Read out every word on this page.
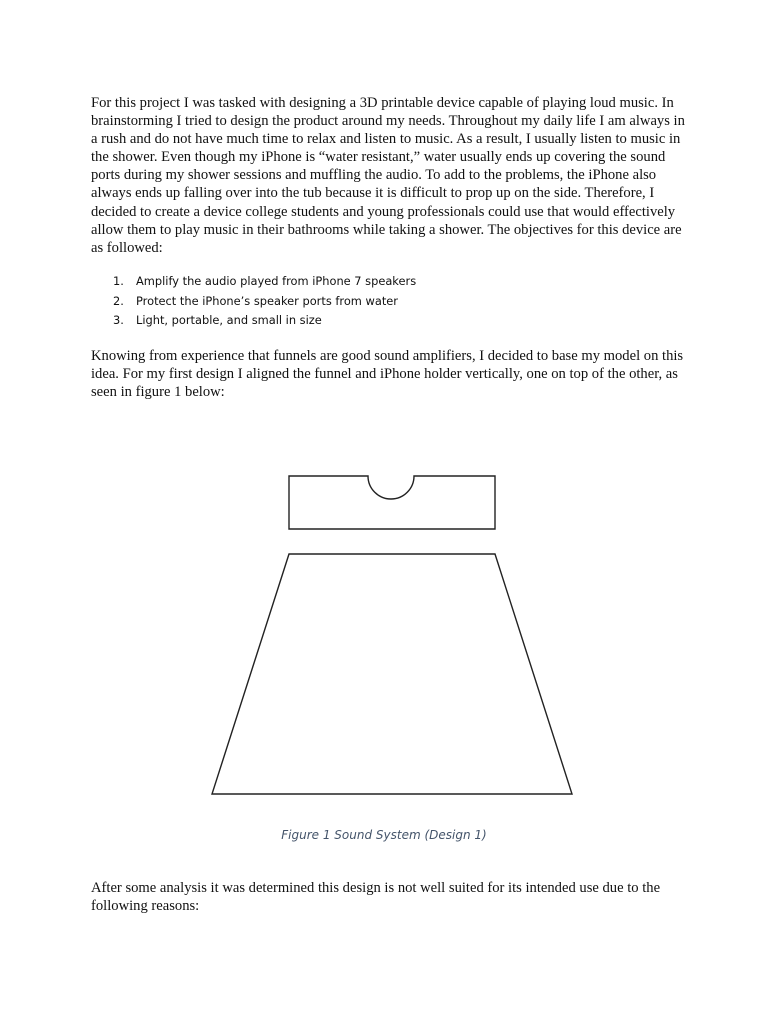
For this project I was tasked with designing a 3D printable device capable of playing loud music. In brainstorming I tried to design the product around my needs. Throughout my daily life I am always in a rush and do not have much time to relax and listen to music. As a result, I usually listen to music in the shower. Even though my iPhone is “water resistant,” water usually ends up covering the sound ports during my shower sessions and muffling the audio. To add to the problems, the iPhone also always ends up falling over into the tub because it is difficult to prop up on the side. Therefore, I decided to create a device college students and young professionals could use that would effectively allow them to play music in their bathrooms while taking a shower. The objectives for this device are as followed:

1. Amplify the audio played from iPhone 7 speakers
2. Protect the iPhone’s speaker ports from water
3. Light, portable, and small in size

Knowing from experience that funnels are good sound amplifiers, I decided to base my model on this idea. For my first design I aligned the funnel and iPhone holder vertically, one on top of the other, as seen in figure 1 below:

Figure 1 Sound System (Design 1)

After some analysis it was determined this design is not well suited for its intended use due to the following reasons:
